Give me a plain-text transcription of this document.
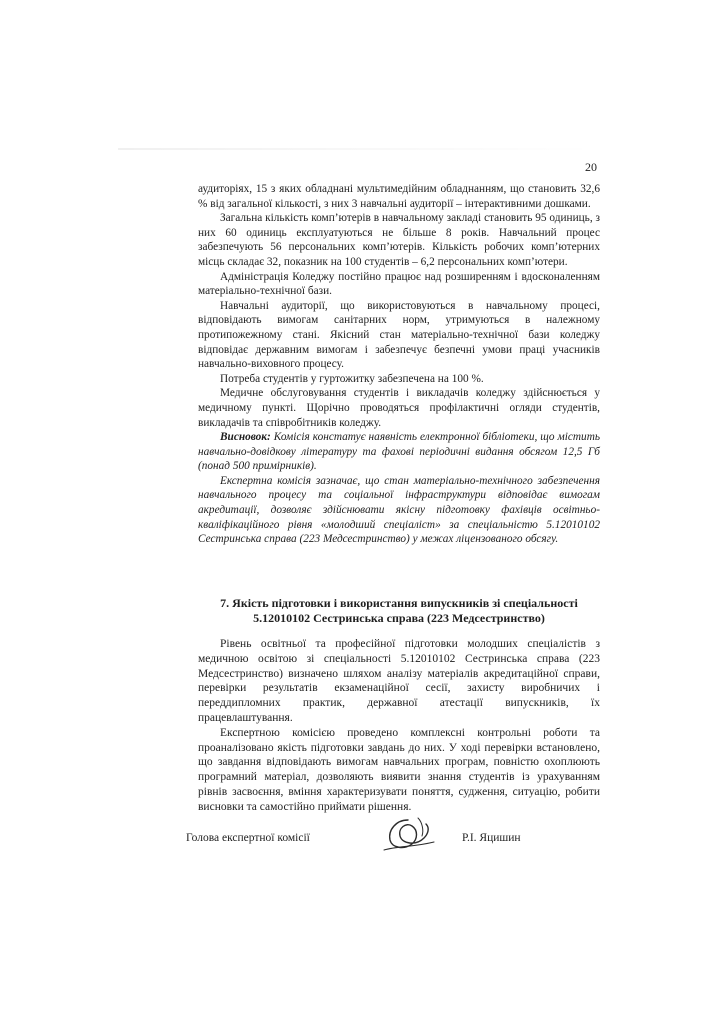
20

аудиторіях, 15 з яких обладнані мультимедійним обладнанням, що становить 32,6 % від загальної кількості, з них 3 навчальні аудиторії – інтерактивними дошками.

Загальна кількість комп’ютерів в навчальному закладі становить 95 одиниць, з них 60 одиниць експлуатуються не більше 8 років. Навчальний процес забезпечують 56 персональних комп’ютерів. Кількість робочих комп’ютерних місць складає 32, показник на 100 студентів – 6,2 персональних комп’ютери.

Адміністрація Коледжу постійно працює над розширенням і вдосконаленням матеріально-технічної бази.

Навчальні аудиторії, що використовуються в навчальному процесі, відповідають вимогам санітарних норм, утримуються в належному протипожежному стані. Якісний стан матеріально-технічної бази коледжу відповідає державним вимогам і забезпечує безпечні умови праці учасників навчально-виховного процесу.

Потреба студентів у гуртожитку забезпечена на 100 %.

Медичне обслуговування студентів і викладачів коледжу здійснюється у медичному пункті. Щорічно проводяться профілактичні огляди студентів, викладачів та співробітників коледжу.

Висновок: Комісія констатує наявність електронної бібліотеки, що містить навчально-довідкову літературу та фахові періодичні видання обсягом 12,5 Гб (понад 500 примірників).

Експертна комісія зазначає, що стан матеріально-технічного забезпечення навчального процесу та соціальної інфраструктури відповідає вимогам акредитації, дозволяє здійснювати якісну підготовку фахівців освітньо-кваліфікаційного рівня «молодший спеціаліст» за спеціальністю 5.12010102 Сестринська справа (223 Медсестринство) у межах ліцензованого обсягу.

7. Якість підготовки і використання випускників зі спеціальності
5.12010102 Сестринська справа (223 Медсестринство)

Рівень освітньої та професійної підготовки молодших спеціалістів з медичною освітою зі спеціальності 5.12010102 Сестринська справа (223 Медсестринство) визначено шляхом аналізу матеріалів акредитаційної справи, перевірки результатів екзаменаційної сесії, захисту виробничих і переддипломних практик, державної атестації випускників, їх працевлаштування.

Експертною комісією проведено комплексні контрольні роботи та проаналізовано якість підготовки завдань до них. У ході перевірки встановлено, що завдання відповідають вимогам навчальних програм, повністю охоплюють програмний матеріал, дозволяють виявити знання студентів із урахуванням рівнів засвоєння, вміння характеризувати поняття, судження, ситуацію, робити висновки та самостійно приймати рішення.

Голова експертної комісії	Р.І. Яцишин
